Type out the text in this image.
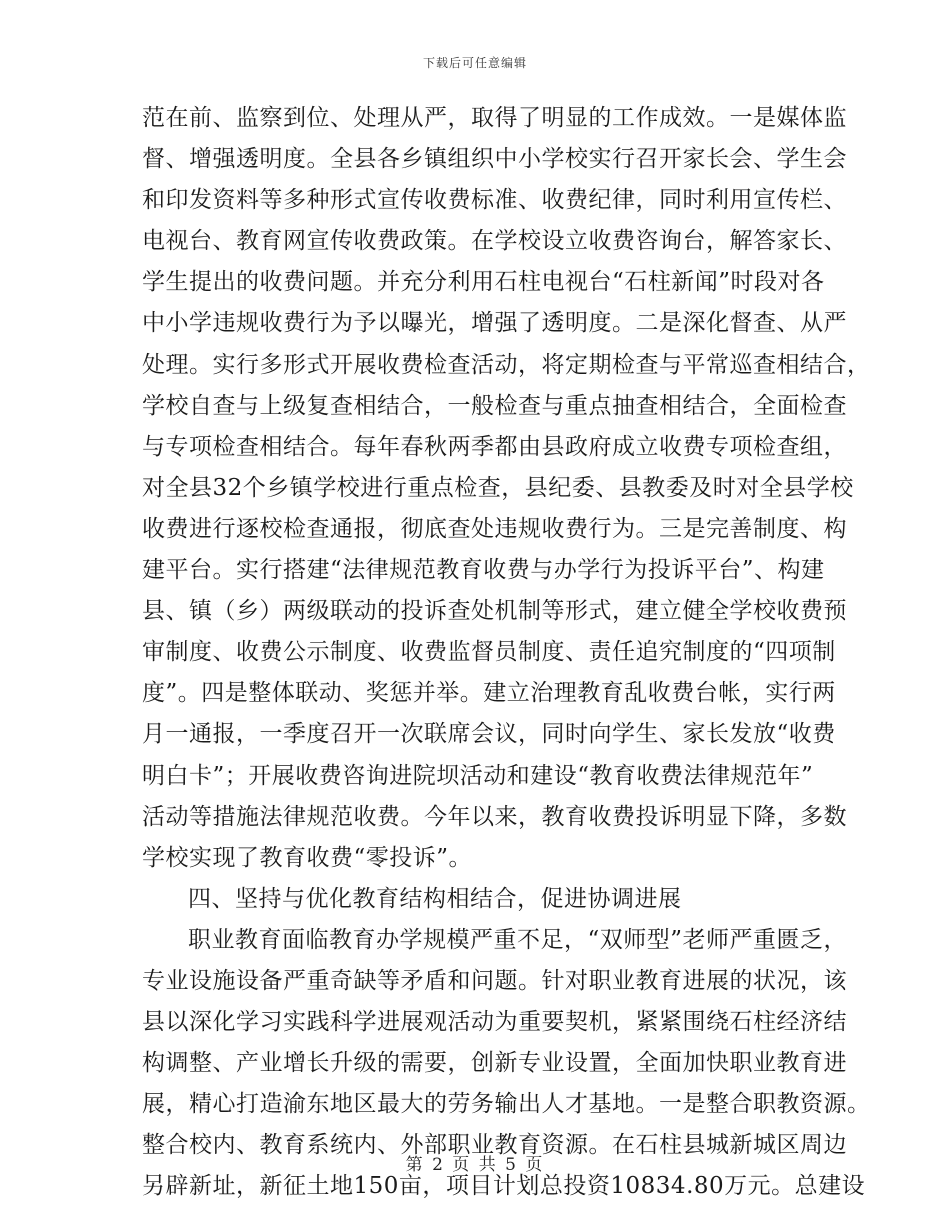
下载后可任意编辑
范在前、监察到位、处理从严，取得了明显的工作成效。一是媒体监
督、增强透明度。全县各乡镇组织中小学校实行召开家长会、学生会
和印发资料等多种形式宣传收费标准、收费纪律，同时利用宣传栏、
电视台、教育网宣传收费政策。在学校设立收费咨询台，解答家长、
学生提出的收费问题。并充分利用石柱电视台“石柱新闻”时段对各
中小学违规收费行为予以曝光，增强了透明度。二是深化督查、从严
处理。实行多形式开展收费检查活动，将定期检查与平常巡查相结合，
学校自查与上级复查相结合，一般检查与重点抽查相结合，全面检查
与专项检查相结合。每年春秋两季都由县政府成立收费专项检查组，
对全县32个乡镇学校进行重点检查，县纪委、县教委及时对全县学校
收费进行逐校检查通报，彻底查处违规收费行为。三是完善制度、构
建平台。实行搭建“法律规范教育收费与办学行为投诉平台”、构建
县、镇（乡）两级联动的投诉查处机制等形式，建立健全学校收费预
审制度、收费公示制度、收费监督员制度、责任追究制度的“四项制
度”。四是整体联动、奖惩并举。建立治理教育乱收费台帐，实行两
月一通报，一季度召开一次联席会议，同时向学生、家长发放“收费
明白卡”；开展收费咨询进院坝活动和建设“教育收费法律规范年”
活动等措施法律规范收费。今年以来，教育收费投诉明显下降，多数
学校实现了教育收费“零投诉”。
四、坚持与优化教育结构相结合，促进协调进展
职业教育面临教育办学规模严重不足，“双师型”老师严重匮乏，
专业设施设备严重奇缺等矛盾和问题。针对职业教育进展的状况，该
县以深化学习实践科学进展观活动为重要契机，紧紧围绕石柱经济结
构调整、产业增长升级的需要，创新专业设置，全面加快职业教育进
展，精心打造渝东地区最大的劳务输出人才基地。一是整合职教资源。
整合校内、教育系统内、外部职业教育资源。在石柱县城新城区周边
另辟新址，新征土地150亩，项目计划总投资10834.80万元。总建设
第 2 页 共 5 页
